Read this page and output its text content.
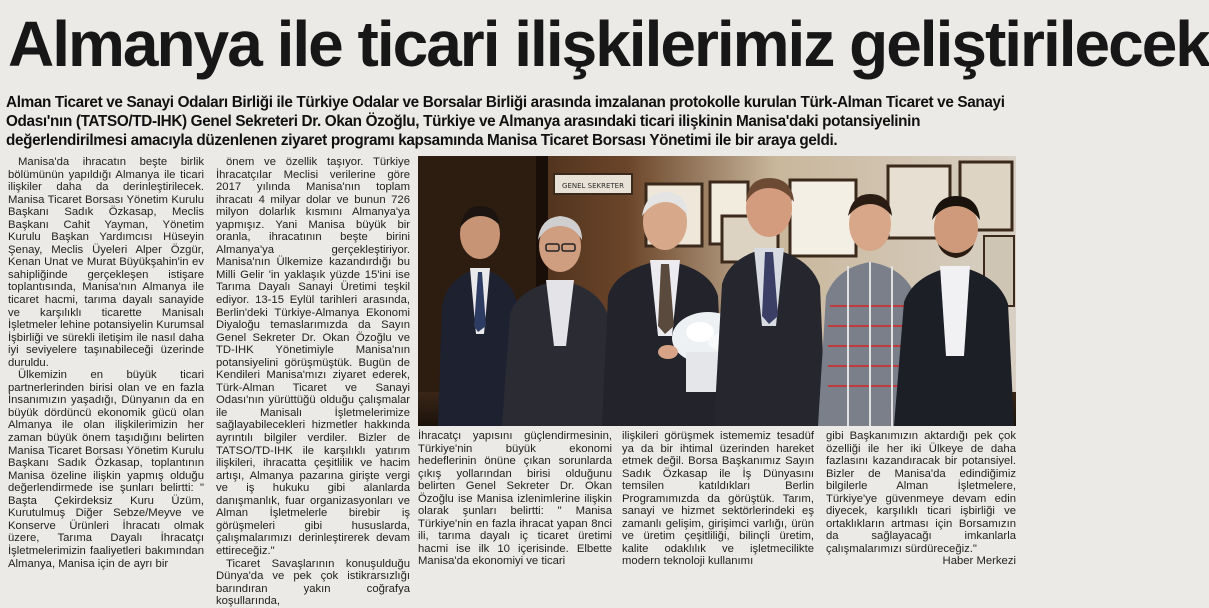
Almanya ile ticari ilişkilerimiz geliştirilecek

Alman Ticaret ve Sanayi Odaları Birliği ile Türkiye Odalar ve Borsalar Birliği arasında imzalanan protokolle kurulan Türk-Alman Ticaret ve Sanayi Odası'nın (TATSO/TD-IHK) Genel Sekreteri Dr. Okan Özoğlu, Türkiye ve Almanya arasındaki ticari ilişkinin Manisa'daki potansiyelinin değerlendirilmesi amacıyla düzenlenen ziyaret programı kapsamında Manisa Ticaret Borsası Yönetimi ile bir araya geldi.

Manisa'da ihracatın beşte birlik bölümünün yapıldığı Almanya ile ticari ilişkiler daha da derinleştirilecek. Manisa Ticaret Borsası Yönetim Kurulu Başkanı Sadık Özkasap, Meclis Başkanı Cahit Yayman, Yönetim Kurulu Başkan Yardımcısı Hüseyin Şenay, Meclis Üyeleri Alper Özgür, Kenan Unat ve Murat Büyükşahin'in ev sahipliğinde gerçekleşen istişare toplantısında, Manisa'nın Almanya ile ticaret hacmi, tarıma dayalı sanayide ve karşılıklı ticarette Manisalı İşletmeler lehine potansiyelin Kurumsal İşbirliği ve sürekli iletişim ile nasıl daha iyi seviyelere taşınabileceği üzerinde duruldu.

Ülkemizin en büyük ticari partnerlerinden birisi olan ve en fazla İnsanımızın yaşadığı, Dünyanın da en büyük dördüncü ekonomik gücü olan Almanya ile olan ilişkilerimizin her zaman büyük önem taşıdığını belirten Manisa Ticaret Borsası Yönetim Kurulu Başkanı Sadık Özkasap, toplantının Manisa özeline ilişkin yapmış olduğu değerlendirmede ise şunları belirtti: " Başta Çekirdeksiz Kuru Üzüm, Kurutulmuş Diğer Sebze/Meyve ve Konserve Ürünleri İhracatı olmak üzere, Tarıma Dayalı İhracatçı İşletmelerimizin faaliyetleri bakımından Almanya, Manisa için de ayrı bir

önem ve özellik taşıyor. Türkiye İhracatçılar Meclisi verilerine göre 2017 yılında Manisa'nın toplam ihracatı 4 milyar dolar ve bunun 726 milyon dolarlık kısmını Almanya'ya yapmışız. Yani Manisa büyük bir oranla, ihracatının beşte birini Almanya'ya gerçekleştiriyor. Manisa'nın Ülkemize kazandırdığı bu Milli Gelir 'in yaklaşık yüzde 15'ini ise Tarıma Dayalı Sanayi Üretimi teşkil ediyor. 13-15 Eylül tarihleri arasında, Berlin'deki Türkiye-Almanya Ekonomi Diyaloğu temaslarımızda da Sayın Genel Sekreter Dr. Okan Özoğlu ve TD-IHK Yönetimiyle Manisa'nın potansiyelini görüşmüştük. Bugün de Kendileri Manisa'mızı ziyaret ederek, Türk-Alman Ticaret ve Sanayi Odası'nın yürüttüğü olduğu çalışmalar ile Manisalı İşletmelerimize sağlayabilecekleri hizmetler hakkında ayrıntılı bilgiler verdiler. Bizler de TATSO/TD-IHK ile karşılıklı yatırım ilişkileri, ihracatta çeşitlilik ve hacim artışı, Almanya pazarına girişte vergi ve iş hukuku gibi alanlarda danışmanlık, fuar organizasyonları ve Alman İşletmelerle birebir iş görüşmeleri gibi hususlarda, çalışmalarımızı derinleştirerek devam ettireceğiz."

Ticaret Savaşlarının konuşulduğu Dünya'da ve pek çok istikrarsızlığı barındıran yakın coğrafya koşullarında,

GENEL SEKRETER

İhracatçı yapısını güçlendirmesinin, Türkiye'nin büyük ekonomi hedeflerinin önüne çıkan sorunlarda çıkış yollarından birisi olduğunu belirten Genel Sekreter Dr. Okan Özoğlu ise Manisa izlenimlerine ilişkin olarak şunları belirtti: " Manisa Türkiye'nin en fazla ihracat yapan 8nci ili, tarıma dayalı iç ticaret üretimi hacmi ise ilk 10 içerisinde. Elbette Manisa'da ekonomiyi ve ticari

ilişkileri görüşmek istememiz tesadüf ya da bir ihtimal üzerinden hareket etmek değil. Borsa Başkanımız Sayın Sadık Özkasap ile İş Dünyasını temsilen katıldıkları Berlin Programımızda da görüştük. Tarım, sanayi ve hizmet sektörlerindeki eş zamanlı gelişim, girişimci varlığı, ürün ve üretim çeşitliliği, bilinçli üretim, kalite odaklılık ve işletmecilikte modern teknoloji kullanımı

gibi Başkanımızın aktardığı pek çok özelliği ile her iki Ülkeye de daha fazlasını kazandıracak bir potansiyel. Bizler de Manisa'da edindiğimiz bilgilerle Alman İşletmelere, Türkiye'ye güvenmeye devam edin diyecek, karşılıklı ticari işbirliği ve ortaklıkların artması için Borsamızın da sağlayacağı imkanlarla çalışmalarımızı sürdüreceğiz."
Haber Merkezi
